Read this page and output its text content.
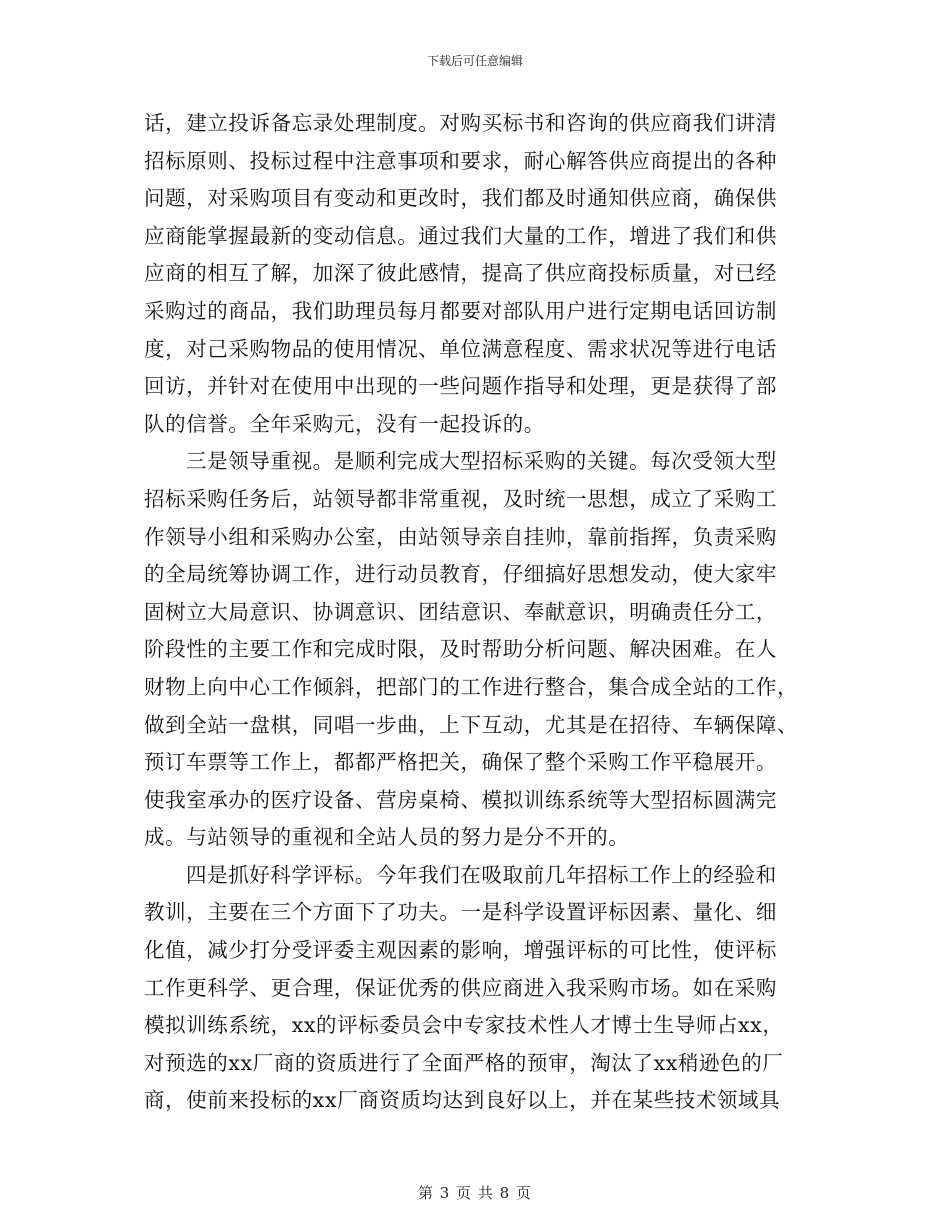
下载后可任意编辑
话，建立投诉备忘录处理制度。对购买标书和咨询的供应商我们讲清
招标原则、投标过程中注意事项和要求，耐心解答供应商提出的各种
问题，对采购项目有变动和更改时，我们都及时通知供应商，确保供
应商能掌握最新的变动信息。通过我们大量的工作，增进了我们和供
应商的相互了解，加深了彼此感情，提高了供应商投标质量，对已经
采购过的商品，我们助理员每月都要对部队用户进行定期电话回访制
度，对己采购物品的使用情况、单位满意程度、需求状况等进行电话
回访，并针对在使用中出现的一些问题作指导和处理，更是获得了部
队的信誉。全年采购元，没有一起投诉的。
三是领导重视。是顺利完成大型招标采购的关键。每次受领大型
招标采购任务后，站领导都非常重视，及时统一思想，成立了采购工
作领导小组和采购办公室，由站领导亲自挂帅，靠前指挥，负责采购
的全局统筹协调工作，进行动员教育，仔细搞好思想发动，使大家牢
固树立大局意识、协调意识、团结意识、奉献意识，明确责任分工，
阶段性的主要工作和完成时限，及时帮助分析问题、解决困难。在人
财物上向中心工作倾斜，把部门的工作进行整合，集合成全站的工作，
做到全站一盘棋，同唱一步曲，上下互动，尤其是在招待、车辆保障、
预订车票等工作上，都都严格把关，确保了整个采购工作平稳展开。
使我室承办的医疗设备、营房桌椅、模拟训练系统等大型招标圆满完
成。与站领导的重视和全站人员的努力是分不开的。
四是抓好科学评标。今年我们在吸取前几年招标工作上的经验和
教训，主要在三个方面下了功夫。一是科学设置评标因素、量化、细
化值，减少打分受评委主观因素的影响，增强评标的可比性，使评标
工作更科学、更合理，保证优秀的供应商进入我采购市场。如在采购
模拟训练系统，xx的评标委员会中专家技术性人才博士生导师占xx，
对预选的xx厂商的资质进行了全面严格的预审，淘汰了xx稍逊色的厂
商，使前来投标的xx厂商资质均达到良好以上，并在某些技术领域具
第 3 页 共 8 页
